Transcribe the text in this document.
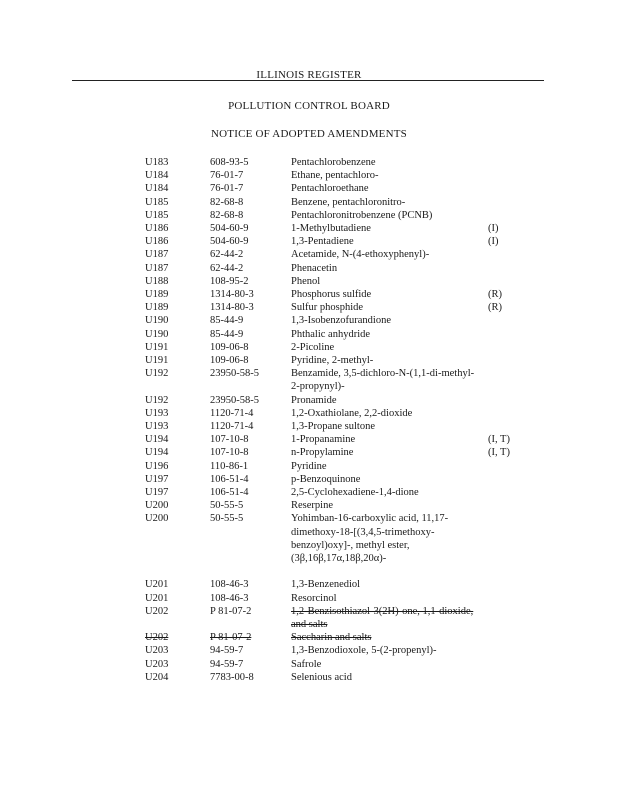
ILLINOIS REGISTER
POLLUTION CONTROL BOARD
NOTICE OF ADOPTED AMENDMENTS
U183	608-93-5	Pentachlorobenzene

U184	76-01-7	Ethane, pentachloro-

U184	76-01-7	Pentachloroethane

U185	82-68-8	Benzene, pentachloronitro-

U185	82-68-8	Pentachloronitrobenzene (PCNB)

U186	504-60-9	1-Methylbutadiene	(I)

U186	504-60-9	1,3-Pentadiene	(I)

U187	62-44-2	Acetamide, N-(4-ethoxyphenyl)-

U187	62-44-2	Phenacetin

U188	108-95-2	Phenol

U189	1314-80-3	Phosphorus sulfide	(R)

U189	1314-80-3	Sulfur phosphide	(R)

U190	85-44-9	1,3-Isobenzofurandione

U190	85-44-9	Phthalic anhydride

U191	109-06-8	2-Picoline

U191	109-06-8	Pyridine, 2-methyl-

U192	23950-58-5	Benzamide, 3,5-dichloro-N-(1,1-di-methyl-2-propynyl)-

U192	23950-58-5	Pronamide

U193	1120-71-4	1,2-Oxathiolane, 2,2-dioxide

U193	1120-71-4	1,3-Propane sultone

U194	107-10-8	1-Propanamine	(I, T)

U194	107-10-8	n-Propylamine	(I, T)

U196	110-86-1	Pyridine

U197	106-51-4	p-Benzoquinone

U197	106-51-4	2,5-Cyclohexadiene-1,4-dione

U200	50-55-5	Reserpine

U200	50-55-5	Yohimban-16-carboxylic acid, 11,17-dimethoxy-18-[(3,4,5-trimethoxy-benzoyl)oxy]-, methyl ester, (3β,16β,17α,18β,20α)-

U201	108-46-3	1,3-Benzenediol

U201	108-46-3	Resorcinol

U202	P 81-07-2	1,2-Benzisothiazol-3(2H)-one, 1,1-dioxide, and salts

U202	P 81-07-2	Saccharin and salts

U203	94-59-7	1,3-Benzodioxole, 5-(2-propenyl)-

U203	94-59-7	Safrole

U204	7783-00-8	Selenious acid
